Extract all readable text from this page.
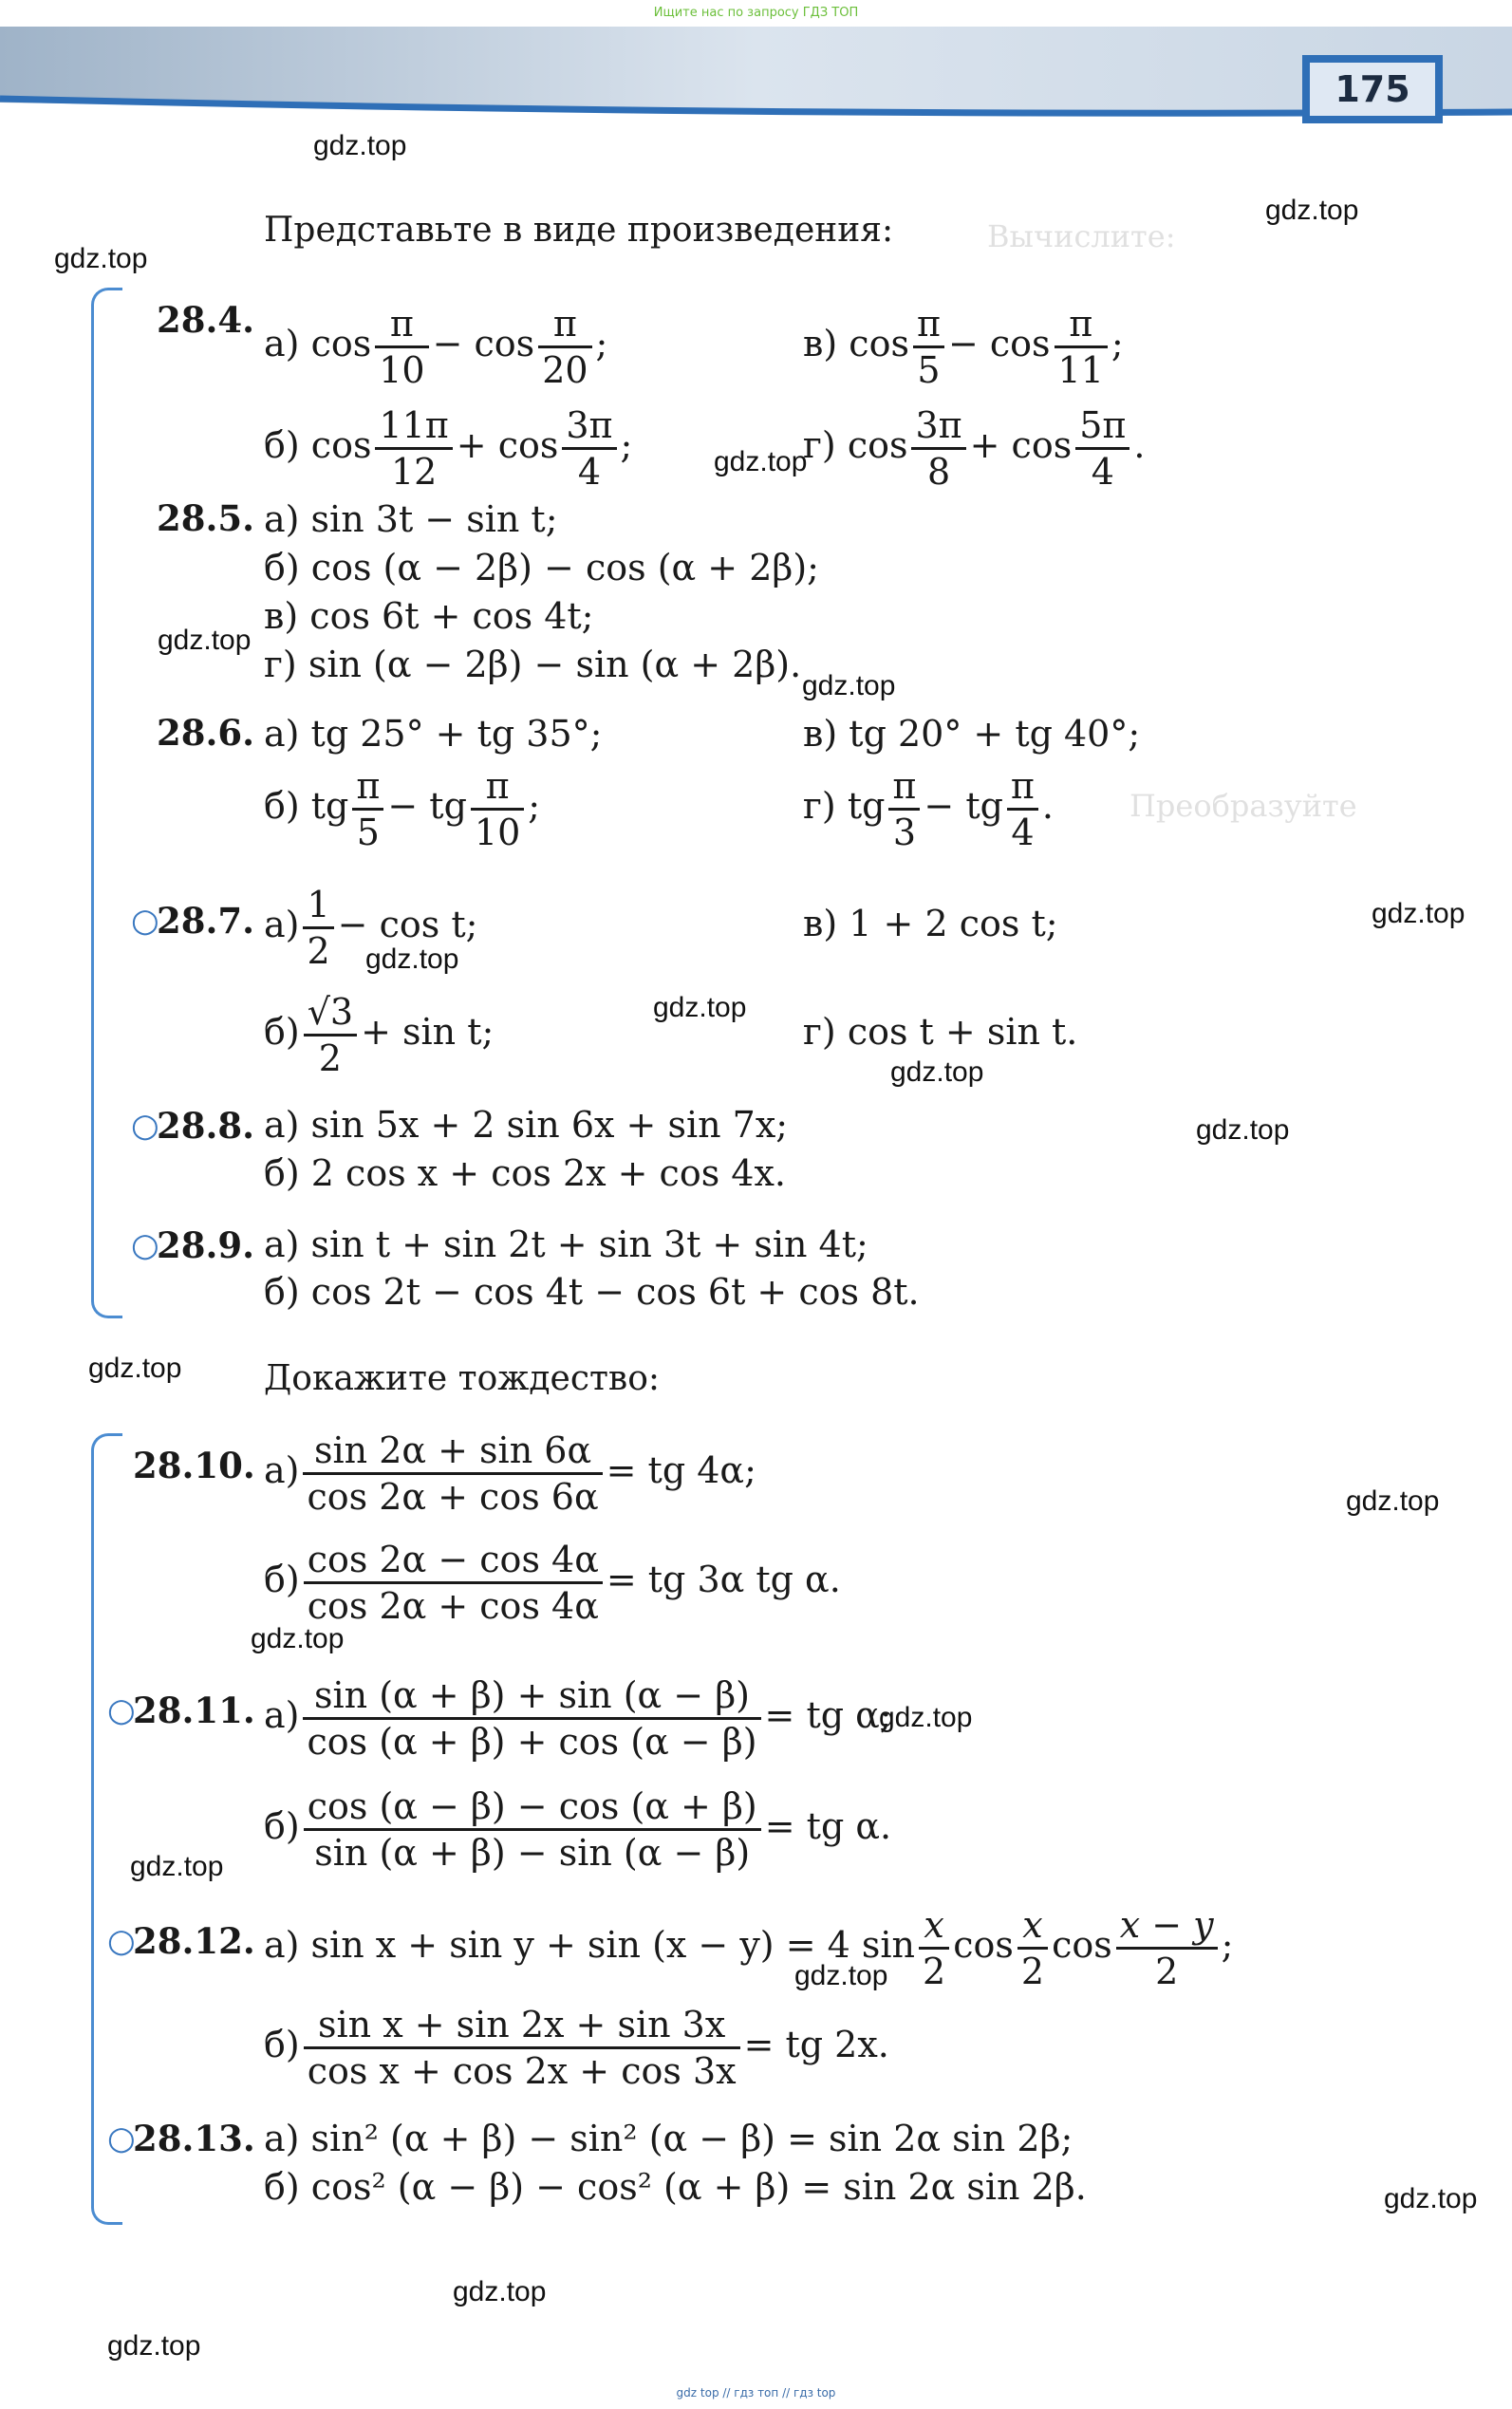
Ищите нас по запросу ГДЗ ТОП
175
Вычислите:
Преобразуйте
gdz.top
gdz.top
gdz.top
gdz.top
gdz.top
gdz.top
gdz.top
gdz.top
gdz.top
gdz.top
gdz.top
gdz.top
gdz.top
gdz.top
gdz.top
gdz.top
gdz.top
gdz.top
gdz.top
gdz.top
Представьте в виде произведения:
28.4.
а) $\cos \frac{\pi}{10} - \cos \frac{\pi}{20}$ ;	в) $\cos \frac{\pi}{5} - \cos \frac{\pi}{11}$ ;
б) $\cos \frac{11\pi}{12} + \cos \frac{3\pi}{4}$ ;	г) $\cos \frac{3\pi}{8} + \cos \frac{5\pi}{4}$ .
28.5. а) sin 3t − sin t;
б) cos (α − 2β) − cos (α + 2β);
в) cos 6t + cos 4t;
г) sin (α − 2β) − sin (α + 2β).
28.6. а) tg 25° + tg 35°;	в) tg 20° + tg 40°;
б) tg $\frac{\pi}{5}$ − tg $\frac{\pi}{10}$ ;	г) tg $\frac{\pi}{3}$ − tg $\frac{\pi}{4}$ .
○
28.7. $а) \frac{1}{2} - \cos t$;	в) 1 + 2 cos t;
$б) \frac{√3}{2} + \sin t$;	г) cos t + sin t.
○
28.8. а) sin 5x + 2 sin 6x + sin 7x;
б) 2 cos x + cos 2x + cos 4x.
○
28.9. а) sin t + sin 2t + sin 3t + sin 4t;
б) cos 2t − cos 4t − cos 6t + cos 8t.
Докажите тождество:
28.10. $а) \frac{\sin 2\alpha + \sin 6\alpha}{\cos 2\alpha + \cos 6\alpha}$ = tg 4α;
$б) \frac{\cos 2\alpha - \cos 4\alpha}{\cos 2\alpha + \cos 4\alpha}$ = tg 3α tg α.
○
28.11. $а) \frac{\sin (\alpha + \beta) + \sin (\alpha - \beta)}{\cos (\alpha + \beta) + \cos (\alpha - \beta)}$ = tg α;
$б) \frac{\cos (\alpha - \beta) - \cos (\alpha + \beta)}{\sin (\alpha + \beta) - \sin (\alpha - \beta)}$ = tg α.
○
28.12. а) sin x + sin y + sin (x − y) = 4 $\sin \frac{x}{2}$ $\cos \frac{x}{2}$ $\cos \frac{x - y}{2}$ ;
$б) \frac{\text{sin x + sin 2x + sin 3x}}{\text{cos x + cos 2x + cos 3x}}$ = tg 2x.
○
28.13. а) sin² (α + β) − sin² (α − β) = sin 2α sin 2β;
б) cos² (α − β) − cos² (α + β) = sin 2α sin 2β.
gdz top // гдз топ // гдз top
